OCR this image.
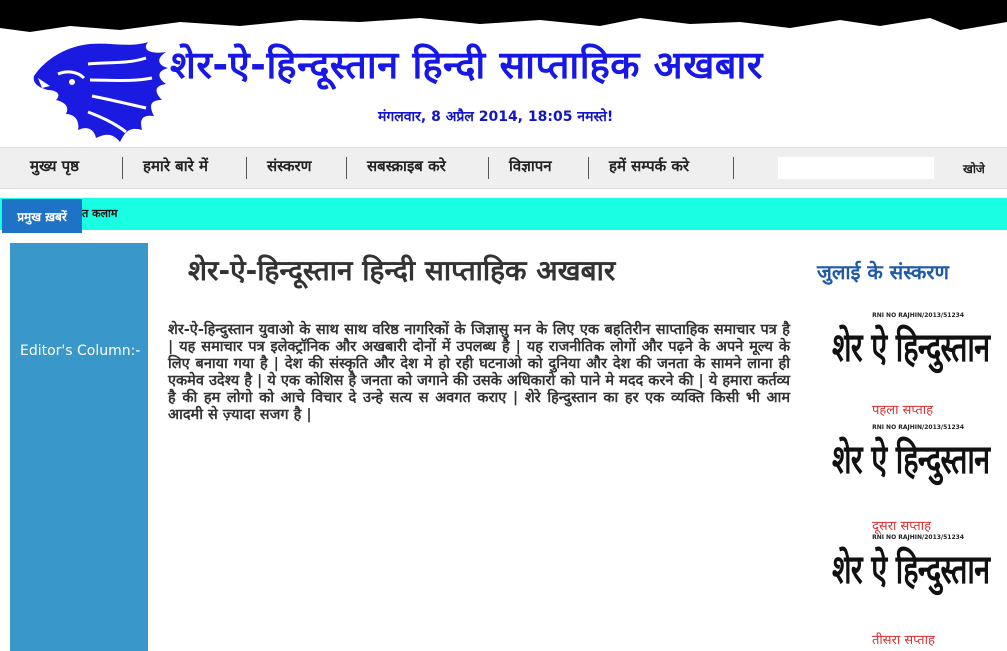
शेर-ऐ-हिन्दूस्तान हिन्दी साप्ताहिक अखबार
मंगलवार, 8 अप्रैल 2014, 18:05 नमस्ते!
मुख्य पृष्ठ	हमारे बारे में	संस्करण	सबस्क्राइब करे	विज्ञापन	हमें सम्पर्क करे	खोजे
त कलाम
प्रमुख ख़बरें
Editor's Column:-
शेर-ऐ-हिन्दूस्तान हिन्दी साप्ताहिक अखबार
शेर-ऐ-हिन्दुस्तान युवाओ के साथ साथ वरिष्ठ नागरिकों के जिज्ञासु मन के लिए एक बहतिरीन साप्ताहिक समाचार पत्र है | यह समाचार पत्र इलेक्ट्रॉनिक और अखबारी दोनों में उपलब्ध है | यह राजनीतिक लोगों और पढ़ने के अपने मूल्य के लिए बनाया गया है | देश की संस्कृति और देश मे हो रही घटनाओ को दुनिया और देश की जनता के सामने लाना ही एकमेव उदेश्य है | ये एक कोशिस है जनता को जगाने की उसके अधिकारो को पाने मे मदद करने की | ये हमारा कर्तव्य है की हम लोगो को आचे विचार दे उन्हे सत्य स अवगत कराए | शेरे हिन्दुस्तान का हर एक व्यक्ति किसी भी आम आदमी से ज़्यादा सजग है |
जुलाई के संस्करण
RNI NO RAJHIN/2013/51234
शेर ऐ हिन्दुस्तान
पहला सप्ताह
RNI NO RAJHIN/2013/51234
शेर ऐ हिन्दुस्तान
दूसरा सप्ताह
RNI NO RAJHIN/2013/51234
शेर ऐ हिन्दुस्तान
तीसरा सप्ताह
